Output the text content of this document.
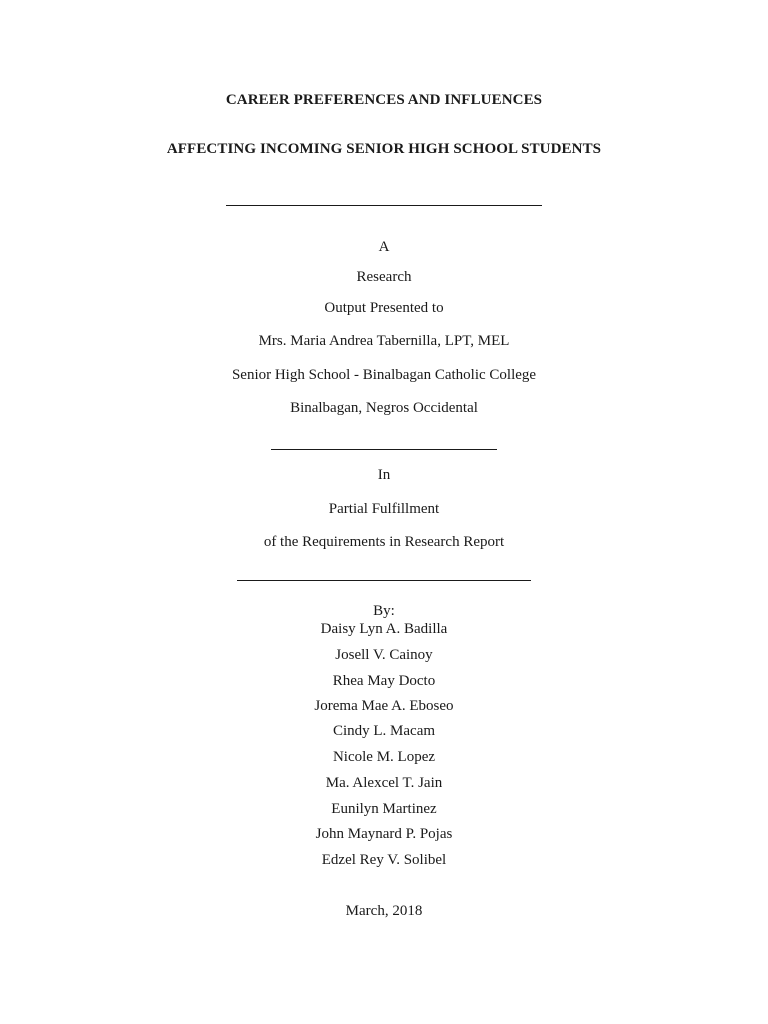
CAREER PREFERENCES AND INFLUENCES
AFFECTING INCOMING SENIOR HIGH SCHOOL STUDENTS
A
Research
Output Presented to
Mrs. Maria Andrea Tabernilla, LPT, MEL
Senior High School - Binalbagan Catholic College
Binalbagan, Negros Occidental
In
Partial Fulfillment
of the Requirements in Research Report
By:
Daisy Lyn A. Badilla
Josell V. Cainoy
Rhea May Docto
Jorema Mae A. Eboseo
Cindy L. Macam
Nicole M. Lopez
Ma. Alexcel T. Jain
Eunilyn Martinez
John Maynard P. Pojas
Edzel Rey V. Solibel
March, 2018
